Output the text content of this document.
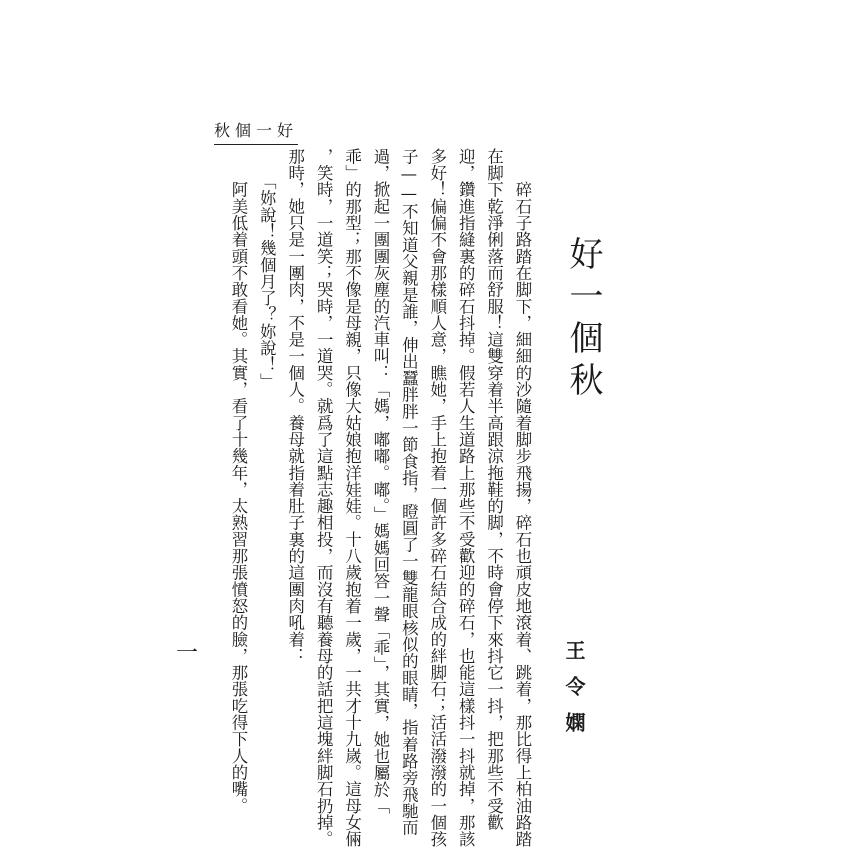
秋個一好
好一個秋
王令嫻
　　碎石子路踏在脚下，細細的沙隨着脚步飛揚，碎石也頑皮地滾着、跳着，那比得上柏油路踏
在脚下乾淨俐落而舒服！這雙穿着半高跟涼拖鞋的脚，不時會停下來抖它一抖，把那些不受歡
迎，鑽進指縫裏的碎石抖掉。假若人生道路上那些不受歡迎的碎石，也能這樣抖一抖就掉，那該
多好！偏偏不會那樣順人意，瞧她，手上抱着一個許多碎石結合成的絆脚石；活活潑潑的一個孩
子——不知道父親是誰，伸出蠶胖胖一節食指，瞪圓了一雙龍眼核似的眼睛，指着路旁飛馳而
過，掀起一團團灰塵的汽車叫：「媽，嘟嘟。嘟。」媽媽回答一聲「乖」，其實，她也屬於「
乖」的那型；那不像是母親，只像大姑娘抱洋娃娃。十八歲抱着一歲，一共才十九嵗。這母女倆
，笑時，一道笑；哭時，一道哭。就爲了這點志趣相投，而沒有聽養母的話把這塊絆脚石扔掉。
那時，她只是一團肉，不是一個人。養母就指着肚子裏的這團肉吼着：
　　「妳說！幾個月了？妳說！」
　　阿美低着頭不敢看她。其實，看了十幾年，太熟習那張憤怒的臉，那張吃得下人的嘴。
一
